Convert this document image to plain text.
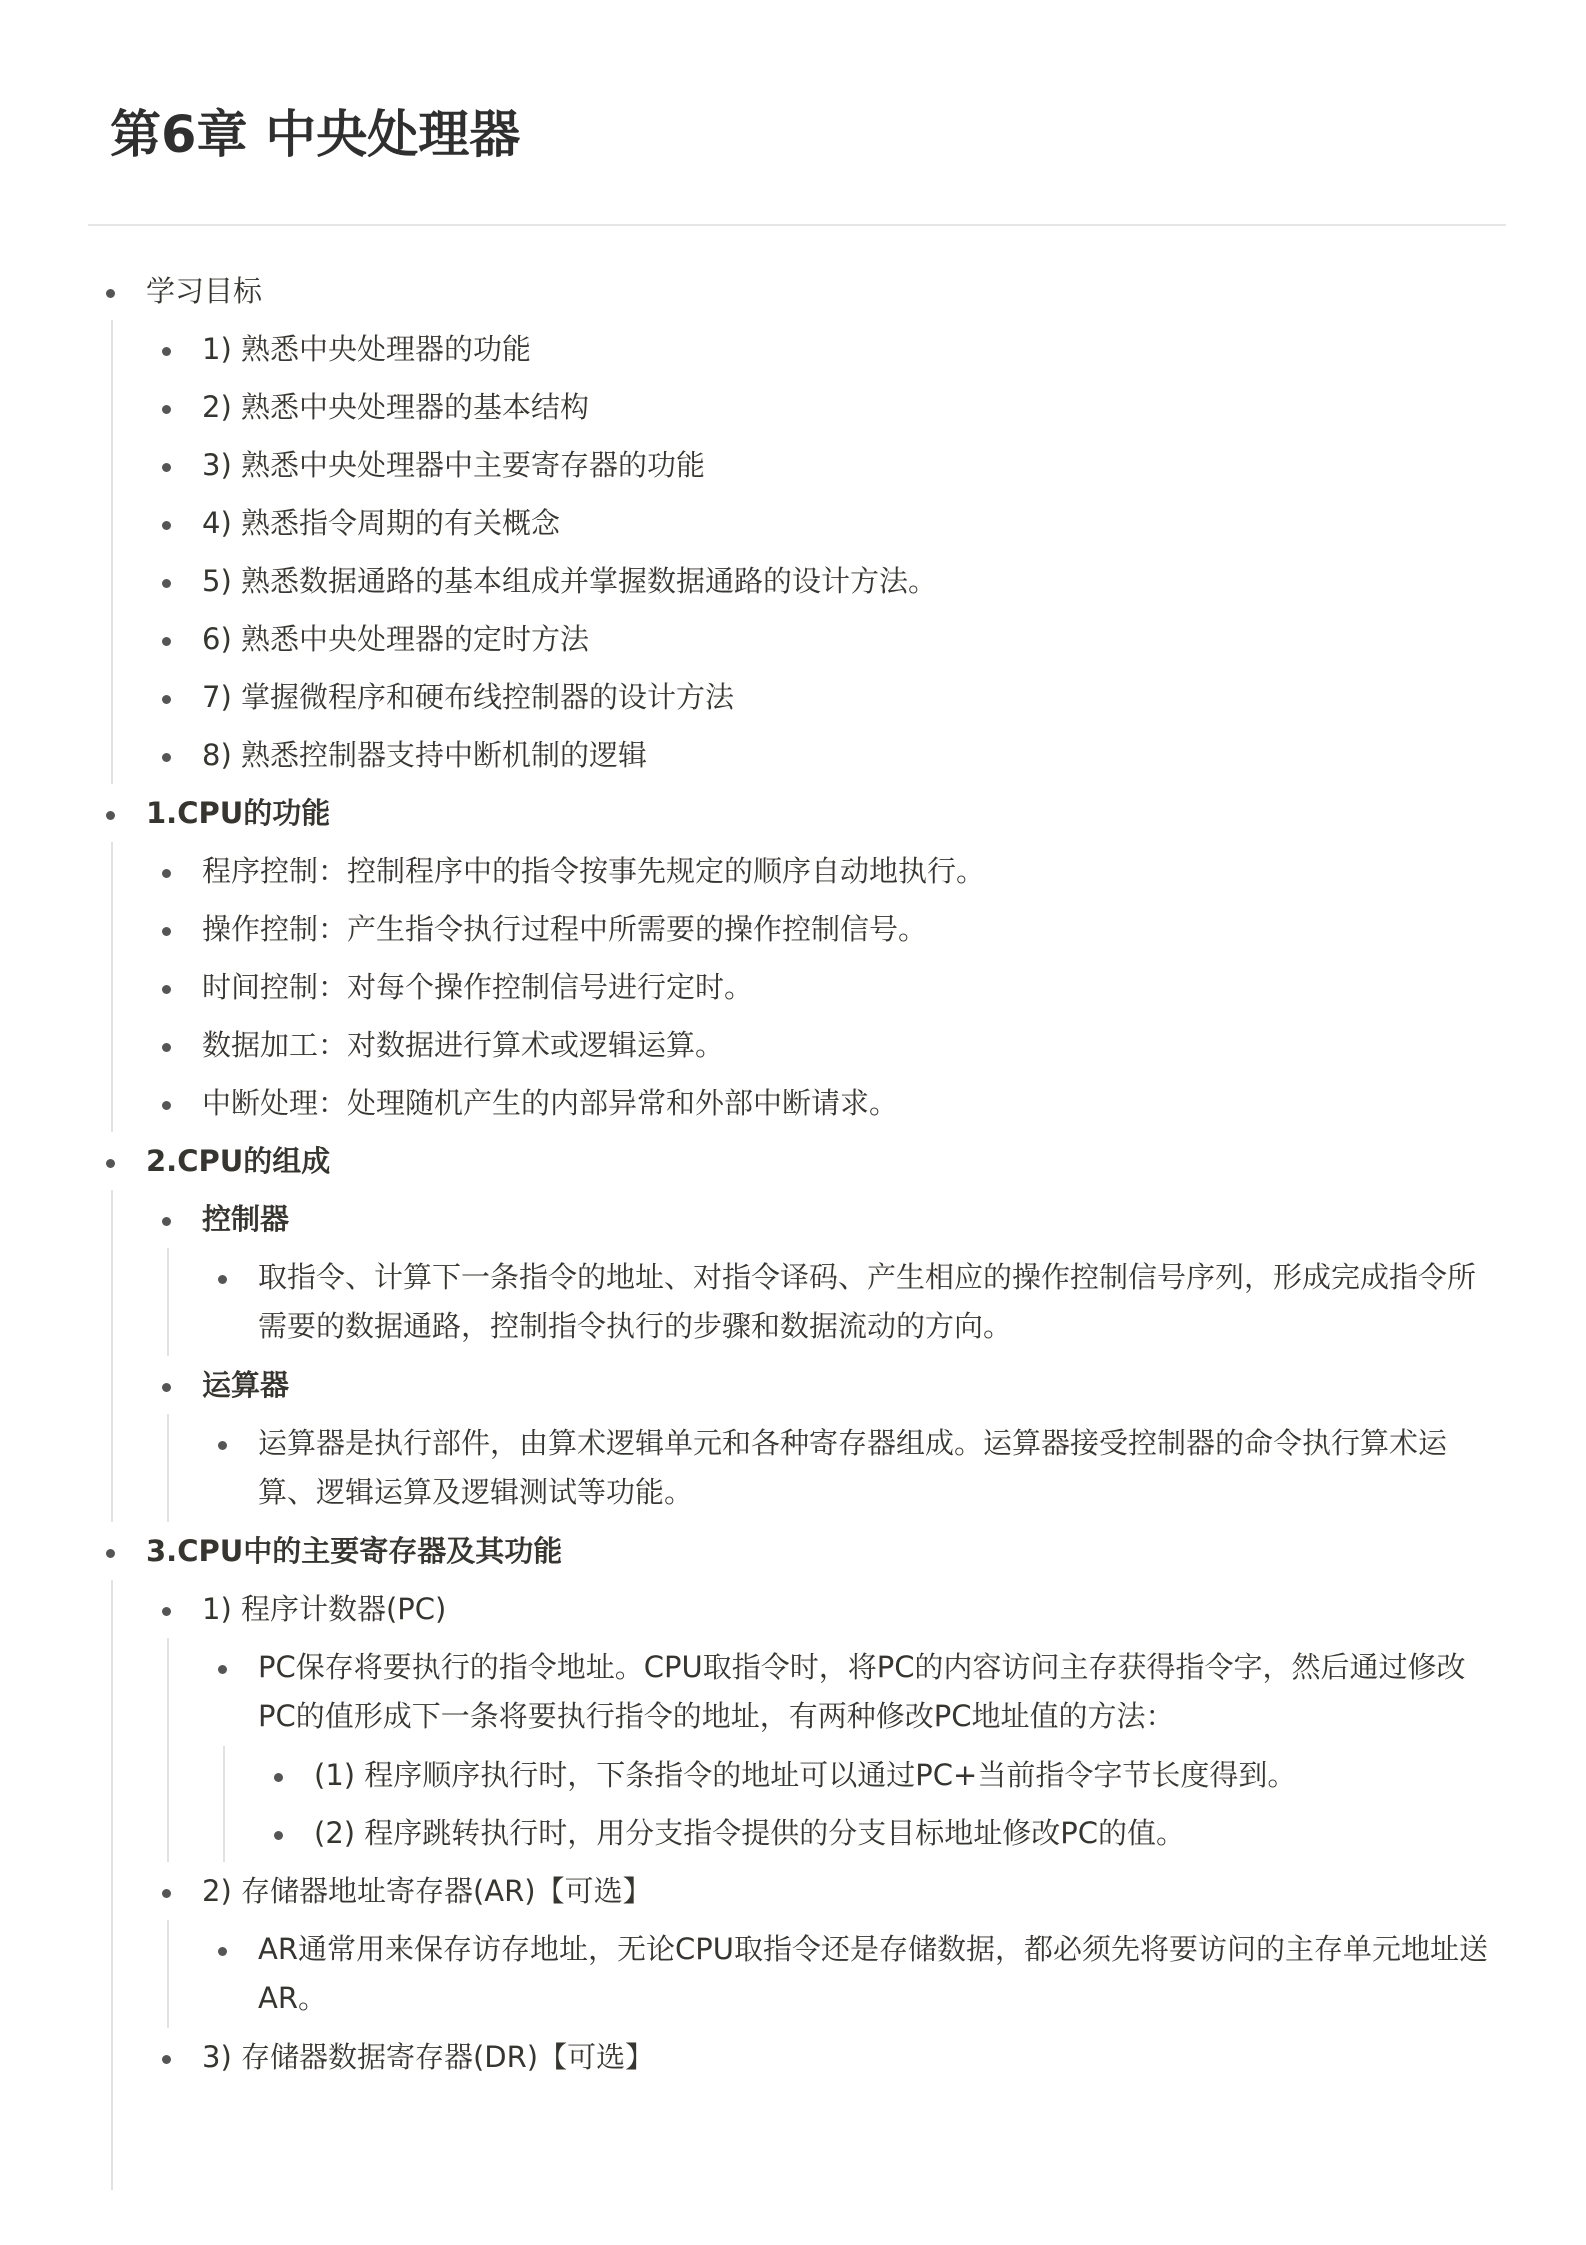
第6章 中央处理器
学习目标
1) 熟悉中央处理器的功能
2) 熟悉中央处理器的基本结构
3) 熟悉中央处理器中主要寄存器的功能
4) 熟悉指令周期的有关概念
5) 熟悉数据通路的基本组成并掌握数据通路的设计方法。
6) 熟悉中央处理器的定时方法
7) 掌握微程序和硬布线控制器的设计方法
8) 熟悉控制器支持中断机制的逻辑
1.CPU的功能
程序控制：控制程序中的指令按事先规定的顺序自动地执行。
操作控制：产生指令执行过程中所需要的操作控制信号。
时间控制：对每个操作控制信号进行定时。
数据加工：对数据进行算术或逻辑运算。
中断处理：处理随机产生的内部异常和外部中断请求。
2.CPU的组成
控制器
取指令、计算下一条指令的地址、对指令译码、产生相应的操作控制信号序列，形成完成指令所需要的数据通路，控制指令执行的步骤和数据流动的方向。
运算器
运算器是执行部件，由算术逻辑单元和各种寄存器组成。运算器接受控制器的命令执行算术运算、逻辑运算及逻辑测试等功能。
3.CPU中的主要寄存器及其功能
1) 程序计数器(PC)
PC保存将要执行的指令地址。CPU取指令时，将PC的内容访问主存获得指令字，然后通过修改PC的值形成下一条将要执行指令的地址，有两种修改PC地址值的方法：
(1) 程序顺序执行时，下条指令的地址可以通过PC+当前指令字节长度得到。
(2) 程序跳转执行时，用分支指令提供的分支目标地址修改PC的值。
2) 存储器地址寄存器(AR)【可选】
AR通常用来保存访存地址，无论CPU取指令还是存储数据，都必须先将要访问的主存单元地址送AR。
3) 存储器数据寄存器(DR)【可选】
